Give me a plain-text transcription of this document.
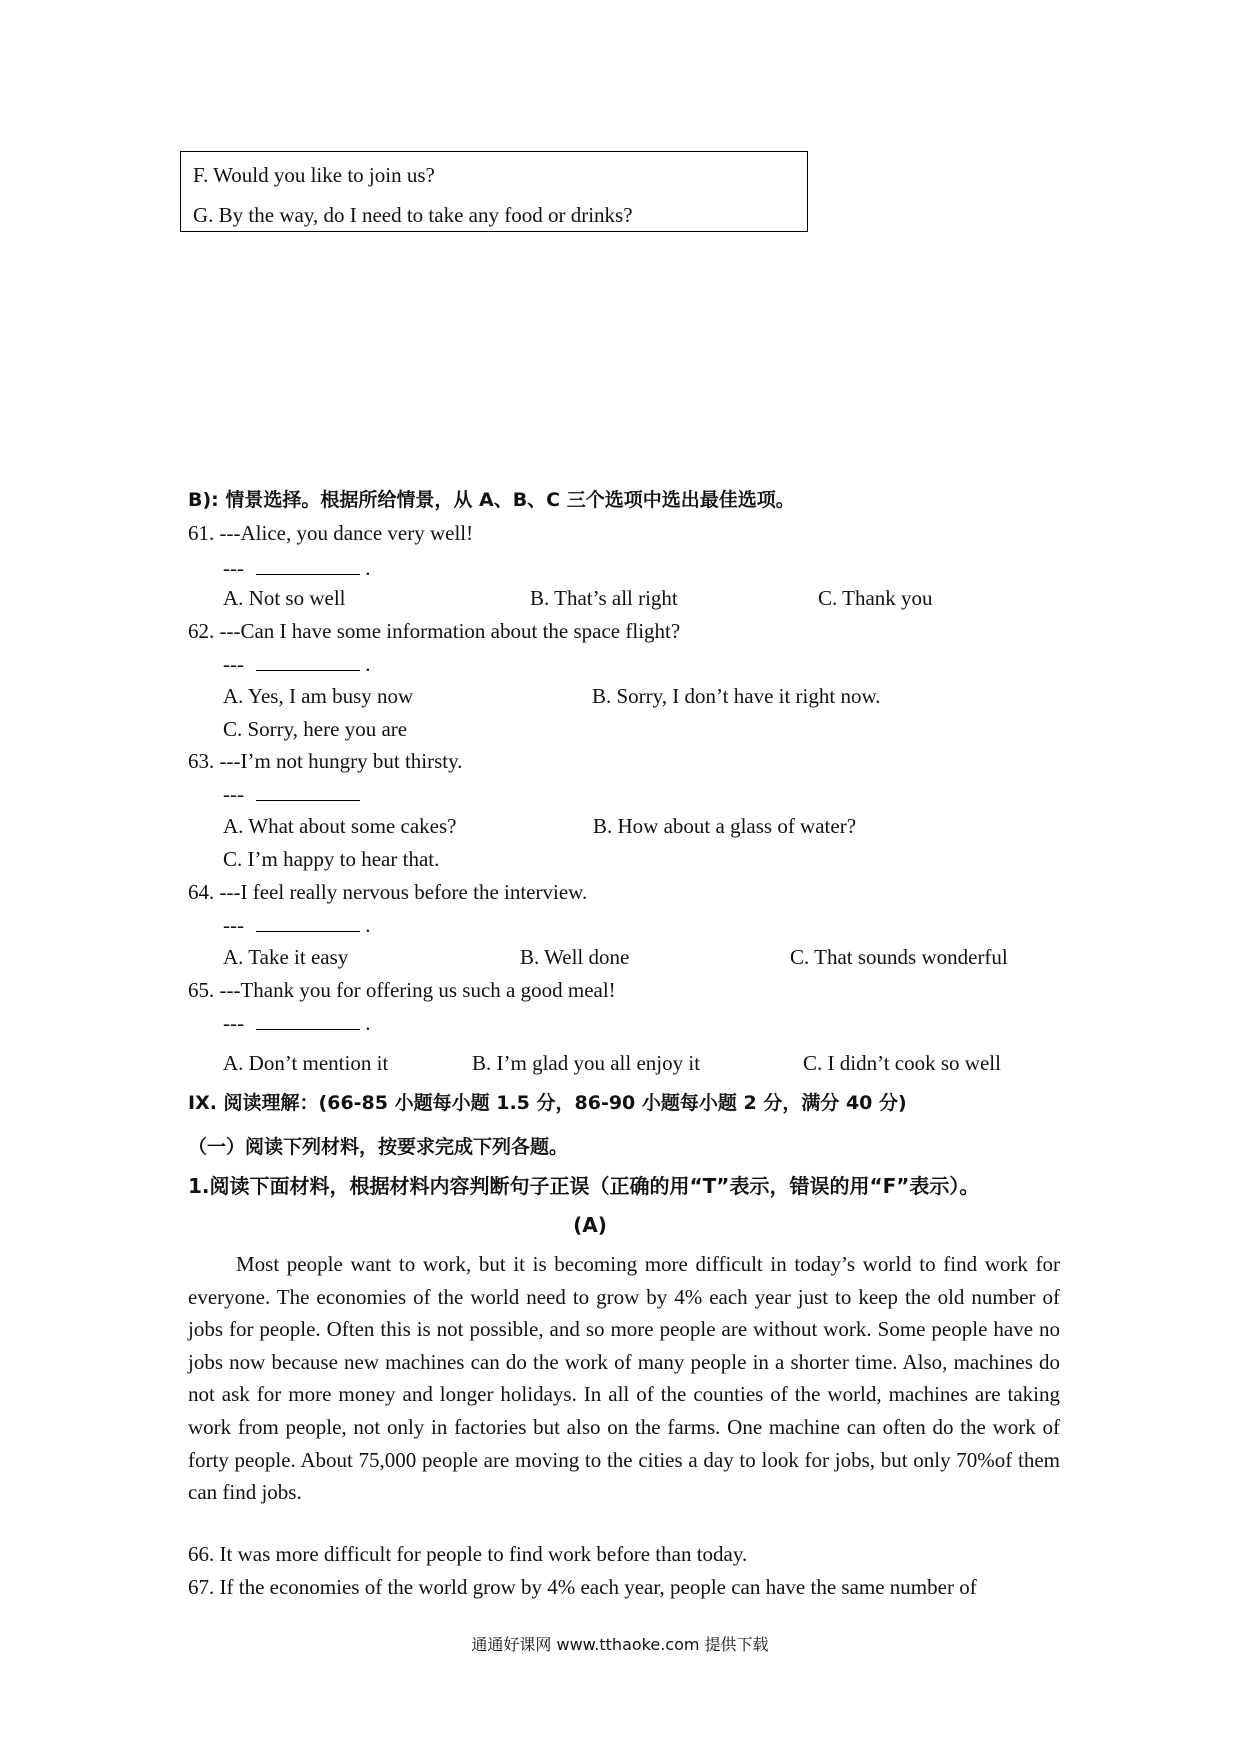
F. Would you like to join us?
G. By the way, do I need to take any food or drinks?
B): 情景选择。根据所给情景，从 A、B、C 三个选项中选出最佳选项。
61. ---Alice, you dance very well!
---	.
A. Not so well	B. That’s all right	C. Thank you
62. ---Can I have some information about the space flight?
---	.
A. Yes, I am busy now	B. Sorry, I don’t have it right now.
C. Sorry, here you are
63. ---I’m not hungry but thirsty.
---
A. What about some cakes?	B. How about a glass of water?
C. I’m happy to hear that.
64. ---I feel really nervous before the interview.
---	.
A. Take it easy	B. Well done	C. That sounds wonderful
65. ---Thank you for offering us such a good meal!
---	.
A. Don’t mention it	B. I’m glad you all enjoy it	C. I didn’t cook so well
IX. 阅读理解：(66-85 小题每小题 1.5 分，86-90 小题每小题 2 分，满分 40 分)
（一）阅读下列材料，按要求完成下列各题。
1.阅读下面材料，根据材料内容判断句子正误（正确的用“T”表示，错误的用“F”表示）。
(A)

Most people want to work, but it is becoming more difficult in today’s world to find work for everyone. The economies of the world need to grow by 4% each year just to keep the old number of jobs for people. Often this is not possible, and so more people are without work. Some people have no jobs now because new machines can do the work of many people in a shorter time. Also, machines do not ask for more money and longer holidays. In all of the counties of the world, machines are taking work from people, not only in factories but also on the farms. One machine can often do the work of forty people. About 75,000 people are moving to the cities a day to look for jobs, but only 70%of them can find jobs.

66. It was more difficult for people to find work before than today.
67. If the economies of the world grow by 4% each year, people can have the same number of
通通好课网 www.tthaoke.com 提供下载
